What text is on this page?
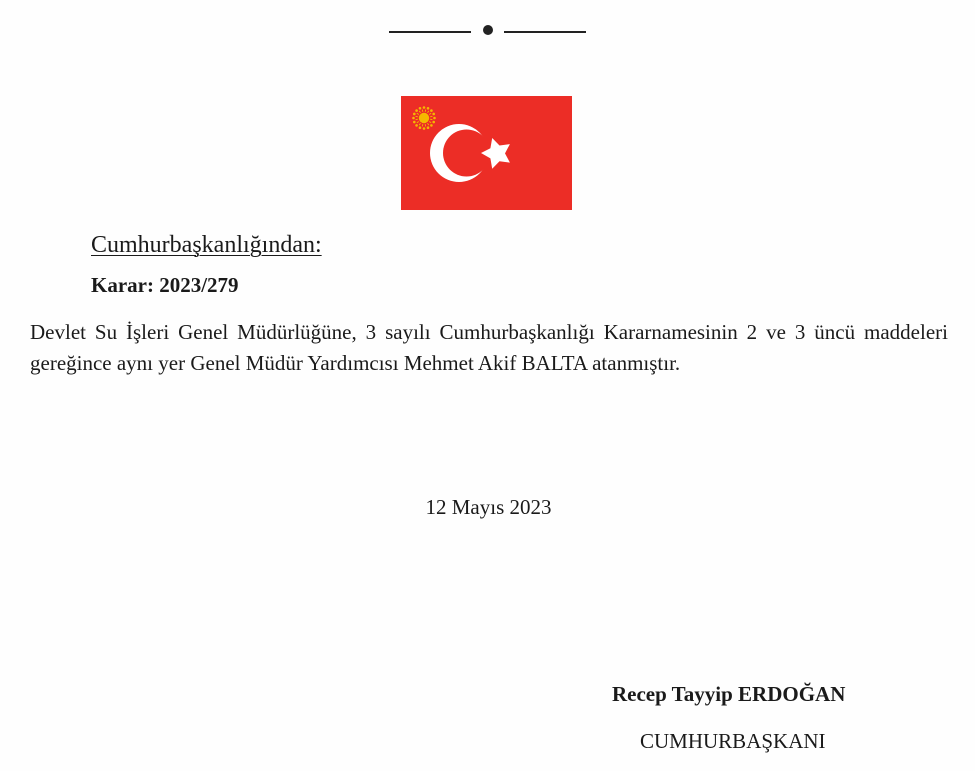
Cumhurbaşkanlığından:
Karar: 2023/279
Devlet Su İşleri Genel Müdürlüğüne, 3 sayılı Cumhurbaşkanlığı Kararnamesinin 2 ve 3 üncü maddeleri gereğince aynı yer Genel Müdür Yardımcısı Mehmet Akif BALTA atanmıştır.
12 Mayıs 2023
Recep Tayyip ERDOĞAN
CUMHURBAŞKANI
